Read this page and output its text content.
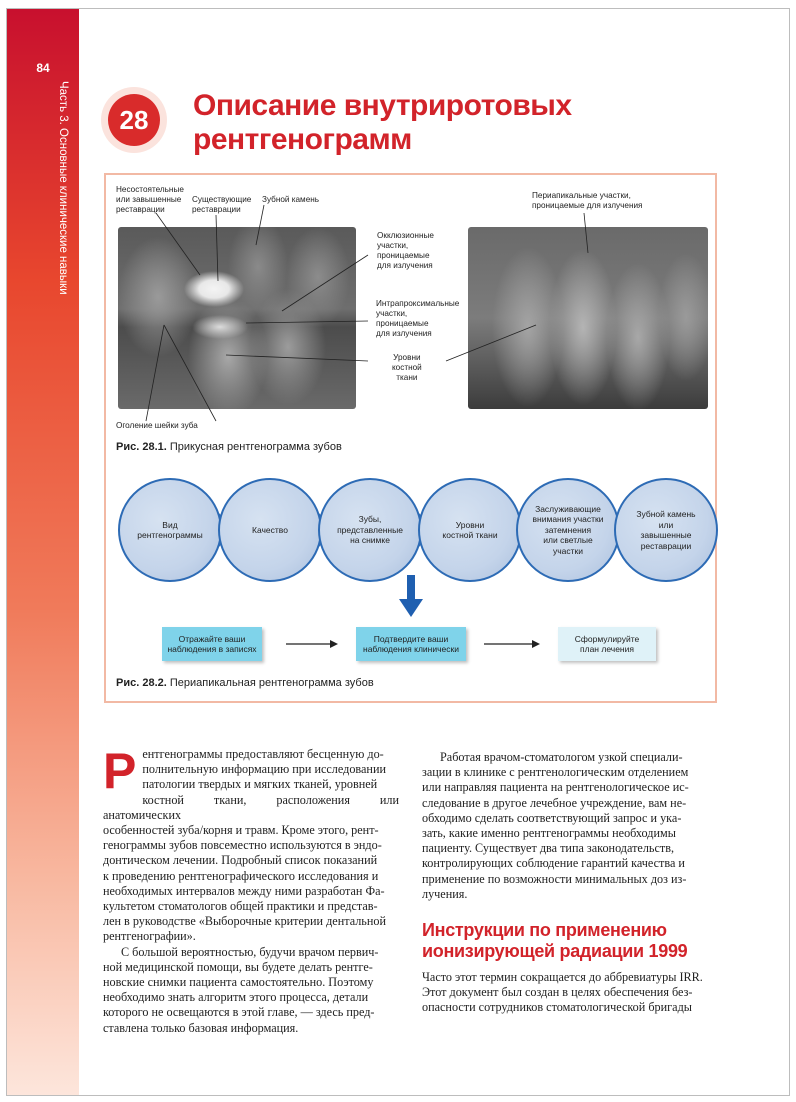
84
Часть 3. Основные клинические навыки	28	Описание внутриротовых
рентгенограмм
Несостоятельные
или завышенные
реставрации
Существующие
реставрации
Зубной камень
Окклюзионные
участки,
проницаемые
для излучения
Интрапроксимальные
участки,
проницаемые
для излучения
Уровни
костной
ткани
Оголение шейки зуба
Периапикальные участки,
проницаемые для излучения
Рис. 28.1. Прикусная рентгенограмма зубов
Вид
рентгенограммы
Качество
Зубы,
представленные
на снимке
Уровни
костной ткани
Заслуживающие
внимания участки
затемнения
или светлые
участки
Зубной камень
или
завышенные
реставрации
Отражайте ваши
наблюдения в записях
Подтвердите ваши
наблюдения клинически
Сформулируйте
план лечения
Рис. 28.2. Периапикальная рентгенограмма зубов
Р ентгенограммы предоставляют бесценную до-
полнительную информацию при исследовании
патологии твердых и мягких тканей, уровней
костной ткани, расположения или анатомических
особенностей зуба/корня и травм. Кроме этого, рент-
генограммы зубов повсеместно используются в эндо-
донтическом лечении. Подробный список показаний
к проведению рентгенографического исследования и
необходимых интервалов между ними разработан Фа-
культетом стоматологов общей практики и представ-
лен в руководстве «Выборочные критерии дентальной
рентгенографии».
С большой вероятностью, будучи врачом первич-
ной медицинской помощи, вы будете делать рентге-
новские снимки пациента самостоятельно. Поэтому
необходимо знать алгоритм этого процесса, детали
которого не освещаются в этой главе, — здесь пред-
ставлена только базовая информация.
Работая врачом-стоматологом узкой специали-
зации в клинике с рентгенологическим отделением
или направляя пациента на рентгенологическое ис-
следование в другое лечебное учреждение, вам не-
обходимо сделать соответствующий запрос и ука-
зать, какие именно рентгенограммы необходимы
пациенту. Существует два типа законодательств,
контролирующих соблюдение гарантий качества и
применение по возможности минимальных доз из-
лучения.
Инструкции по применению
ионизирующей радиации 1999
Часто этот термин сокращается до аббревиатуры IRR.
Этот документ был создан в целях обеспечения без-
опасности сотрудников стоматологической бригады
